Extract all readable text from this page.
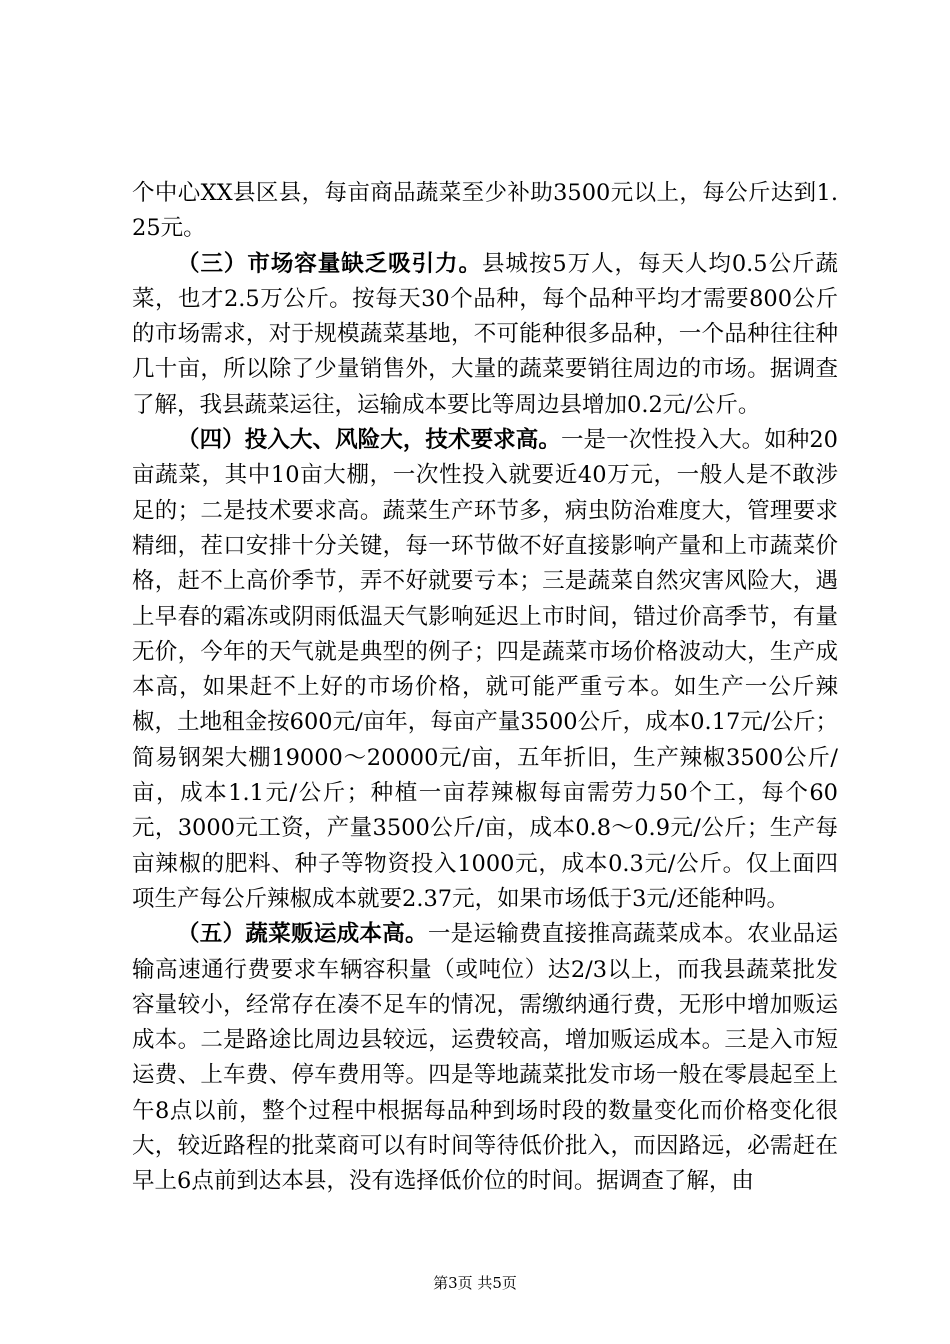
个中心XX县区县，每亩商品蔬菜至少补助3500元以上，每公斤达到1.25元。

（三）市场容量缺乏吸引力。县城按5万人，每天人均0.5公斤蔬菜，也才2.5万公斤。按每天30个品种，每个品种平均才需要800公斤的市场需求，对于规模蔬菜基地，不可能种很多品种，一个品种往往种几十亩，所以除了少量销售外，大量的蔬菜要销往周边的市场。据调查了解，我县蔬菜运往，运输成本要比等周边县增加0.2元/公斤。

（四）投入大、风险大，技术要求高。一是一次性投入大。如种20亩蔬菜，其中10亩大棚，一次性投入就要近40万元，一般人是不敢涉足的；二是技术要求高。蔬菜生产环节多，病虫防治难度大，管理要求精细，茬口安排十分关键，每一环节做不好直接影响产量和上市蔬菜价格，赶不上高价季节，弄不好就要亏本；三是蔬菜自然灾害风险大，遇上早春的霜冻或阴雨低温天气影响延迟上市时间，错过价高季节，有量无价，今年的天气就是典型的例子；四是蔬菜市场价格波动大，生产成本高，如果赶不上好的市场价格，就可能严重亏本。如生产一公斤辣椒，土地租金按600元/亩年，每亩产量3500公斤，成本0.17元/公斤；简易钢架大棚19000～20000元/亩，五年折旧，生产辣椒3500公斤/亩，成本1.1元/公斤；种植一亩荐辣椒每亩需劳力50个工，每个60元，3000元工资，产量3500公斤/亩，成本0.8～0.9元/公斤；生产每亩辣椒的肥料、种子等物资投入1000元，成本0.3元/公斤。仅上面四项生产每公斤辣椒成本就要2.37元，如果市场低于3元/还能种吗。

（五）蔬菜贩运成本高。一是运输费直接推高蔬菜成本。农业品运输高速通行费要求车辆容积量（或吨位）达2/3以上，而我县蔬菜批发容量较小，经常存在凑不足车的情况，需缴纳通行费，无形中增加贩运成本。二是路途比周边县较远，运费较高，增加贩运成本。三是入市短运费、上车费、停车费用等。四是等地蔬菜批发市场一般在零晨起至上午8点以前，整个过程中根据每品种到场时段的数量变化而价格变化很大，较近路程的批菜商可以有时间等待低价批入，而因路远，必需赶在早上6点前到达本县，没有选择低价位的时间。据调查了解，由

第3页 共5页
